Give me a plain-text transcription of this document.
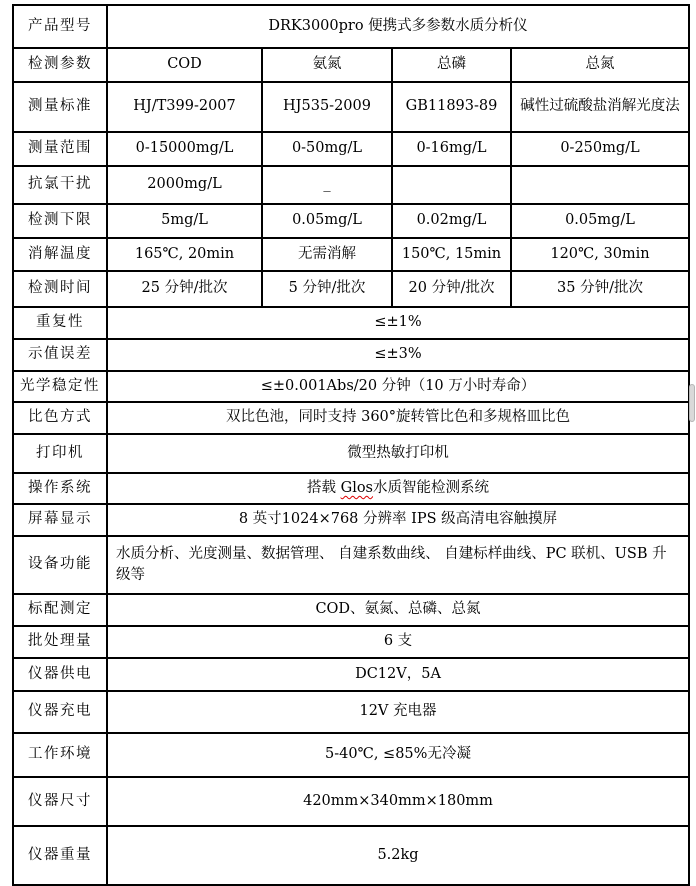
产品型号	DRK3000pro 便携式多参数水质分析仪			
检测参数	COD	氨氮	总磷	总氮
测量标准	HJ/T399-2007	HJ535-2009	GB11893-89	碱性过硫酸盐消解光度法
测量范围	0-15000mg/L	0-50mg/L	0-16mg/L	0-250mg/L
抗氯干扰	2000mg/L	_		
检测下限	5mg/L	0.05mg/L	0.02mg/L	0.05mg/L
消解温度	165℃, 20min	无需消解	150℃, 15min	120℃, 30min
检测时间	25 分钟/批次	5 分钟/批次	20 分钟/批次	35 分钟/批次
重复性	≤±1%			
示值误差	≤±3%			
光学稳定性	≤±0.001Abs/20 分钟（10 万小时寿命）			
比色方式	双比色池，同时支持 360°旋转管比色和多规格皿比色			
打印机	微型热敏打印机			
操作系统	搭载 Glos水质智能检测系统			
屏幕显示	8 英寸1024×768 分辨率 IPS 级高清电容触摸屏			
设备功能	水质分析、光度测量、数据管理、 自建系数曲线、 自建标样曲线、PC 联机、USB 升级等			
标配测定	COD、氨氮、总磷、总氮			
批处理量	6 支			
仪器供电	DC12V，5A			
仪器充电	12V 充电器			
工作环境	5-40℃, ≤85%无冷凝			
仪器尺寸	420mm×340mm×180mm			
仪器重量	5.2kg			
